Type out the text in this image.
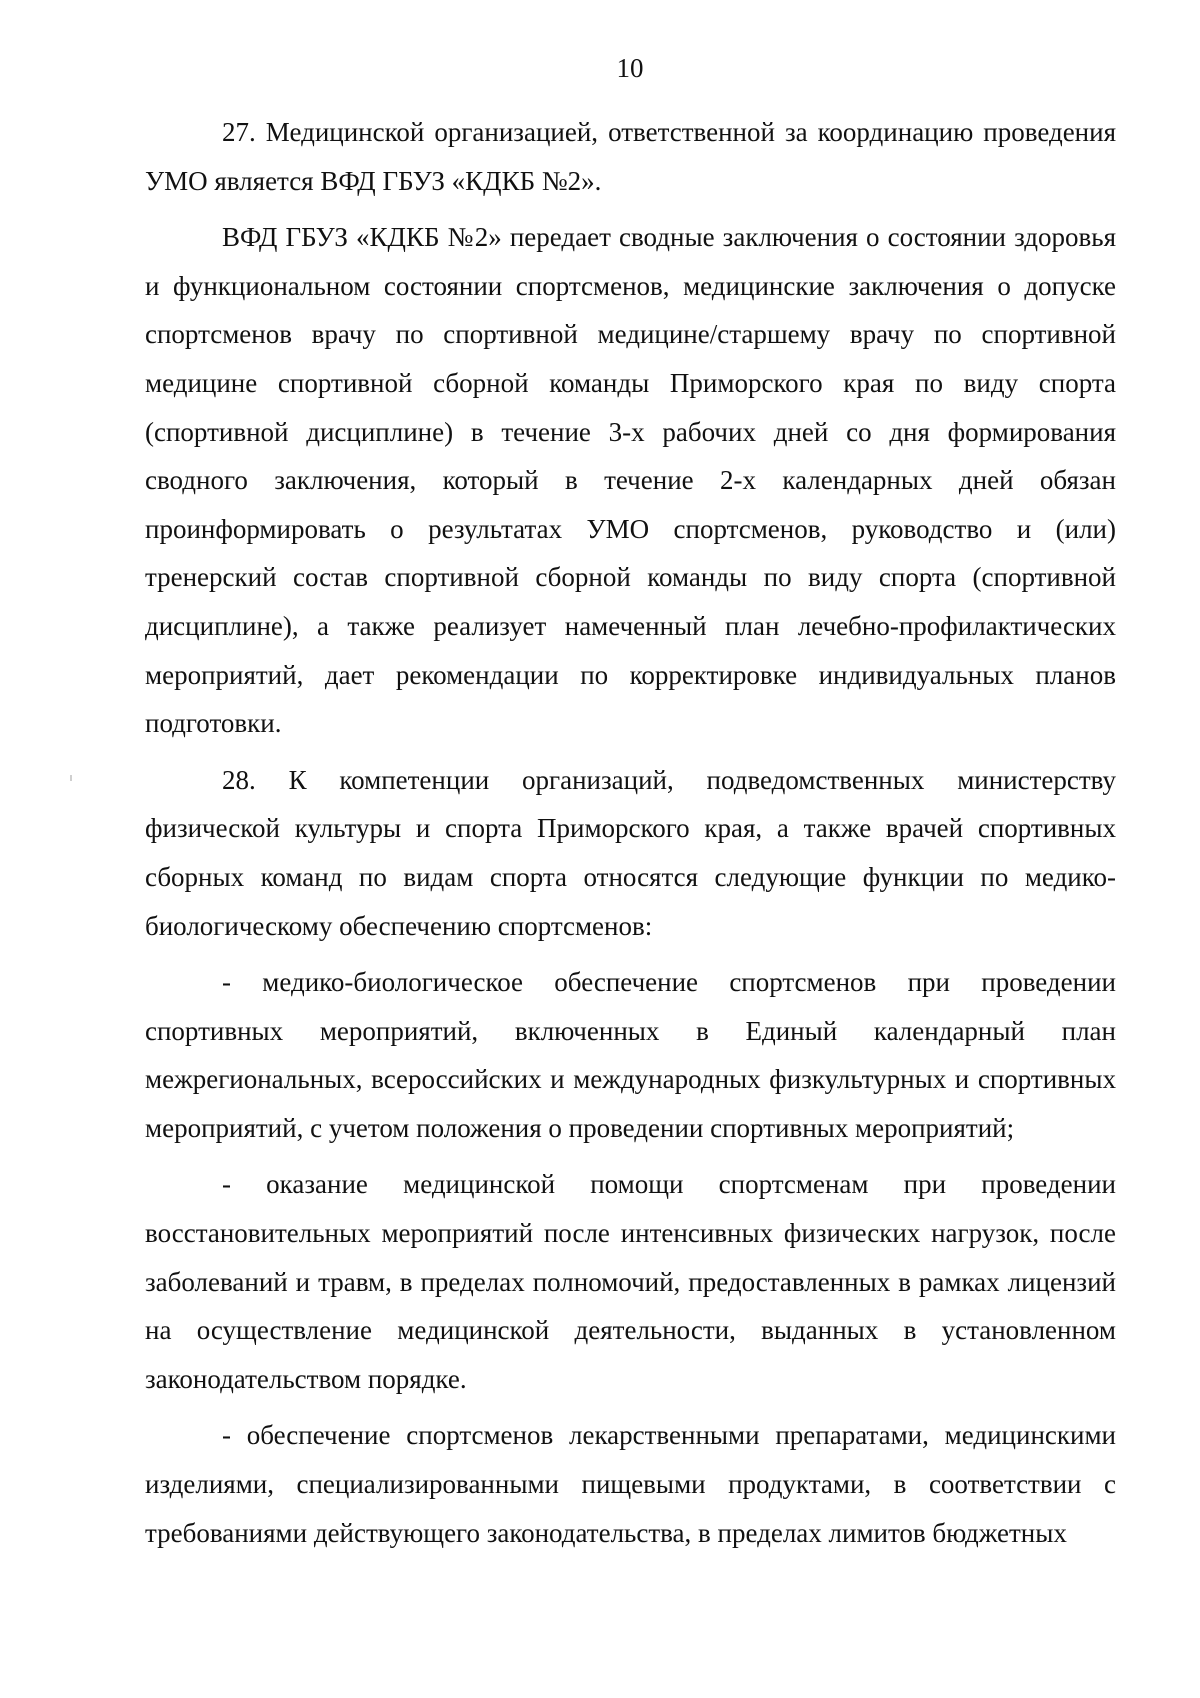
10

27. Медицинской организацией, ответственной за координацию проведения УМО является ВФД ГБУЗ «КДКБ №2».

ВФД ГБУЗ «КДКБ №2» передает сводные заключения о состоянии здоровья и функциональном состоянии спортсменов, медицинские заключения о допуске спортсменов врачу по спортивной медицине/старшему врачу по спортивной медицине спортивной сборной команды Приморского края по виду спорта (спортивной дисциплине) в течение 3-х рабочих дней со дня формирования сводного заключения, который в течение 2-х календарных дней обязан проинформировать о результатах УМО спортсменов, руководство и (или) тренерский состав спортивной сборной команды по виду спорта (спортивной дисциплине), а также реализует намеченный план лечебно-профилактических мероприятий, дает рекомендации по корректировке индивидуальных планов подготовки.

28. К компетенции организаций, подведомственных министерству физической культуры и спорта Приморского края, а также врачей спортивных сборных команд по видам спорта относятся следующие функции по медико-биологическому обеспечению спортсменов:

- медико-биологическое обеспечение спортсменов при проведении спортивных мероприятий, включенных в Единый календарный план межрегиональных, всероссийских и международных физкультурных и спортивных мероприятий, с учетом положения о проведении спортивных мероприятий;

- оказание медицинской помощи спортсменам при проведении восстановительных мероприятий после интенсивных физических нагрузок, после заболеваний и травм, в пределах полномочий, предоставленных в рамках лицензий на осуществление медицинской деятельности, выданных в установленном законодательством порядке.

- обеспечение спортсменов лекарственными препаратами, медицинскими изделиями, специализированными пищевыми продуктами, в соответствии с требованиями действующего законодательства, в пределах лимитов бюджетных
